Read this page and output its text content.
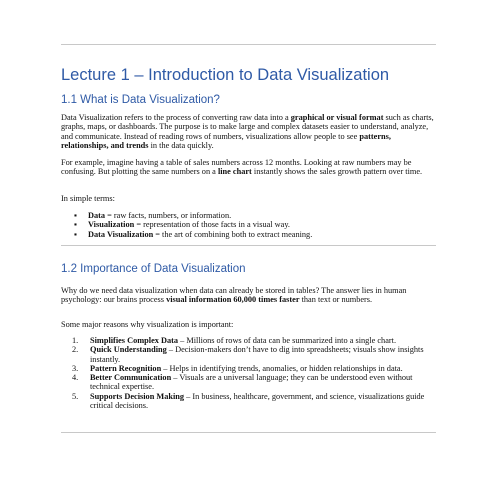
Lecture 1 – Introduction to Data Visualization
1.1 What is Data Visualization?

Data Visualization refers to the process of converting raw data into a graphical or visual format such as charts, graphs, maps, or dashboards. The purpose is to make large and complex datasets easier to understand, analyze, and communicate. Instead of reading rows of numbers, visualizations allow people to see patterns, relationships, and trends in the data quickly.

For example, imagine having a table of sales numbers across 12 months. Looking at raw numbers may be confusing. But plotting the same numbers on a line chart instantly shows the sales growth pattern over time.

In simple terms:

▪ Data = raw facts, numbers, or information.
▪ Visualization = representation of those facts in a visual way.
▪ Data Visualization = the art of combining both to extract meaning.
1.2 Importance of Data Visualization

Why do we need data visualization when data can already be stored in tables? The answer lies in human psychology: our brains process visual information 60,000 times faster than text or numbers.

Some major reasons why visualization is important:

1. Simplifies Complex Data – Millions of rows of data can be summarized into a single chart.
2. Quick Understanding – Decision-makers don’t have to dig into spreadsheets; visuals show insights instantly.
3. Pattern Recognition – Helps in identifying trends, anomalies, or hidden relationships in data.
4. Better Communication – Visuals are a universal language; they can be understood even without technical expertise.
5. Supports Decision Making – In business, healthcare, government, and science, visualizations guide critical decisions.
